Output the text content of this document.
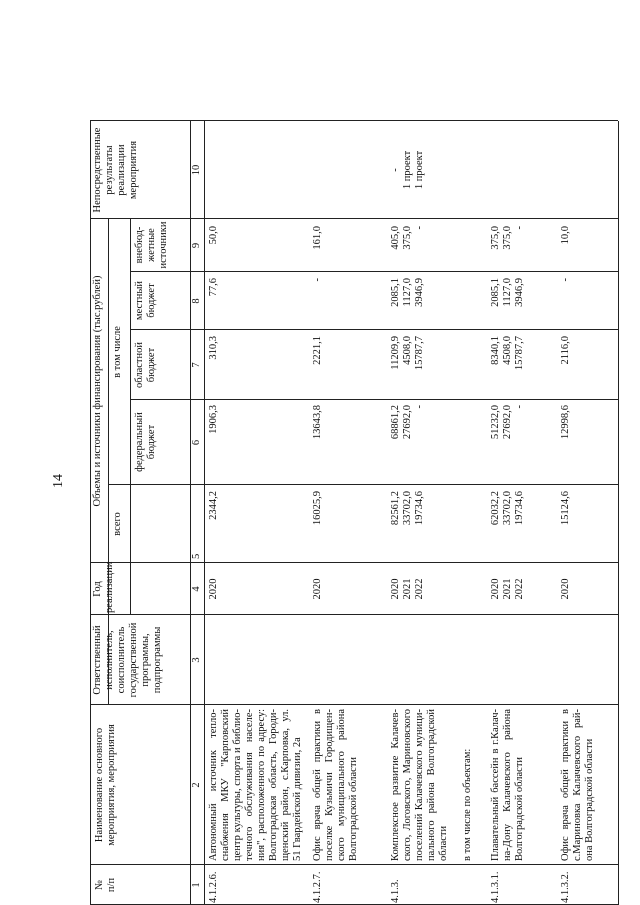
14
№
п/п
Наименование основного мероприятия, мероприятия
Ответственный исполнитель, соисполнитель государственной программы, подпрограммы
Год реализации
Объемы и источники финансирования (тыс.рублей)
всего
в том числе
федеральный бюджет
областной бюджет
местный бюджет
внебюд-жетные источники
Непосредственные результаты реализации мероприятия
1
2
3
4
5
6
7
8
9
10
4.1.2.6.
Автономный источник тепло-снабжения МКУ "Карповский центр культуры, спорта и библио-течного обслуживания населе-ния", расположенного по адресу: Волгоградская область, Городи-щенский район, с.Карповка, ул. 51 Гвардейской дивизии, 2а
2020
2344,2
1906,3
310,3
77,6
50,0
4.1.2.7.
Офис врача общей практики в поселке Кузьмичи Городищен-ского муниципального района Волгоградской области
2020
16025,9
13643,8
2221,1
-
161,0
4.1.3.
Комплексное развитие Калачев-ского, Логовского, Мариновского поселений Калачевского муници-пального района Волгоградской области в том числе по объектам:
2020
2021
2022
82561,2
33702,0
19734,6
68861,2
27692,0
-
11209,9
4508,0
15787,7
2085,1
1127,0
3946,9
405,0
375,0
-
-
1 проект
1 проект
4.1.3.1.
Плавательный бассейн в г.Калач-на-Дону Калачевского района Волгоградской области
2020
2021
2022
62032,2
33702,0
19734,6
51232,0
27692,0
-
8340,1
4508,0
15787,7
2085,1
1127,0
3946,9
375,0
375,0
-
4.1.3.2.
Офис врача общей практики в с.Мариновка Калачевского рай-она Волгоградской области
2020
15124,6
12998,6
2116,0
-
10,0
